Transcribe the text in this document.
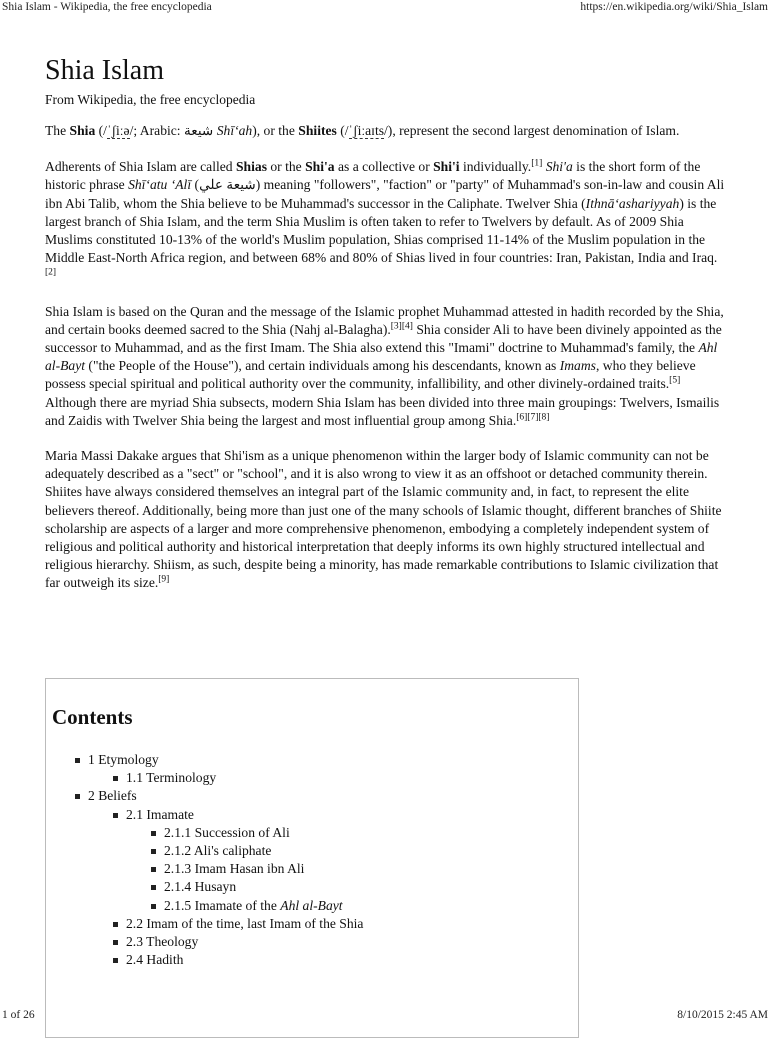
Shia Islam - Wikipedia, the free encyclopedia	https://en.wikipedia.org/wiki/Shia_Islam
Shia Islam
From Wikipedia, the free encyclopedia

The Shia (/ˈʃiːə/; Arabic: شيعة Shīʻah), or the Shiites (/ˈʃiːaɪts/), represent the second largest denomination of Islam.

Adherents of Shia Islam are called Shias or the Shi'a as a collective or Shi'i individually.[1] Shi'a is the short form of the historic phrase Shīʻatu ʻAlī (شيعة علي) meaning "followers", "faction" or "party" of Muhammad's son-in-law and cousin Ali ibn Abi Talib, whom the Shia believe to be Muhammad's successor in the Caliphate. Twelver Shia (Ithnāʻashariyyah) is the largest branch of Shia Islam, and the term Shia Muslim is often taken to refer to Twelvers by default. As of 2009 Shia Muslims constituted 10-13% of the world's Muslim population, Shias comprised 11-14% of the Muslim population in the Middle East-North Africa region, and between 68% and 80% of Shias lived in four countries: Iran, Pakistan, India and Iraq.[2]

Shia Islam is based on the Quran and the message of the Islamic prophet Muhammad attested in hadith recorded by the Shia, and certain books deemed sacred to the Shia (Nahj al-Balagha).[3][4] Shia consider Ali to have been divinely appointed as the successor to Muhammad, and as the first Imam. The Shia also extend this "Imami" doctrine to Muhammad's family, the Ahl al-Bayt ("the People of the House"), and certain individuals among his descendants, known as Imams, who they believe possess special spiritual and political authority over the community, infallibility, and other divinely-ordained traits.[5] Although there are myriad Shia subsects, modern Shia Islam has been divided into three main groupings: Twelvers, Ismailis and Zaidis with Twelver Shia being the largest and most influential group among Shia.[6][7][8]

Maria Massi Dakake argues that Shi'ism as a unique phenomenon within the larger body of Islamic community can not be adequately described as a "sect" or "school", and it is also wrong to view it as an offshoot or detached community therein. Shiites have always considered themselves an integral part of the Islamic community and, in fact, to represent the elite believers thereof. Additionally, being more than just one of the many schools of Islamic thought, different branches of Shiite scholarship are aspects of a larger and more comprehensive phenomenon, embodying a completely independent system of religious and political authority and historical interpretation that deeply informs its own highly structured intellectual and religious hierarchy. Shiism, as such, despite being a minority, has made remarkable contributions to Islamic civilization that far outweigh its size.[9]

Contents
1 Etymology
1.1 Terminology
2 Beliefs
2.1 Imamate
2.1.1 Succession of Ali
2.1.2 Ali's caliphate
2.1.3 Imam Hasan ibn Ali
2.1.4 Husayn
2.1.5 Imamate of the Ahl al-Bayt
2.2 Imam of the time, last Imam of the Shia
2.3 Theology
2.4 Hadith
1 of 26	8/10/2015 2:45 AM
